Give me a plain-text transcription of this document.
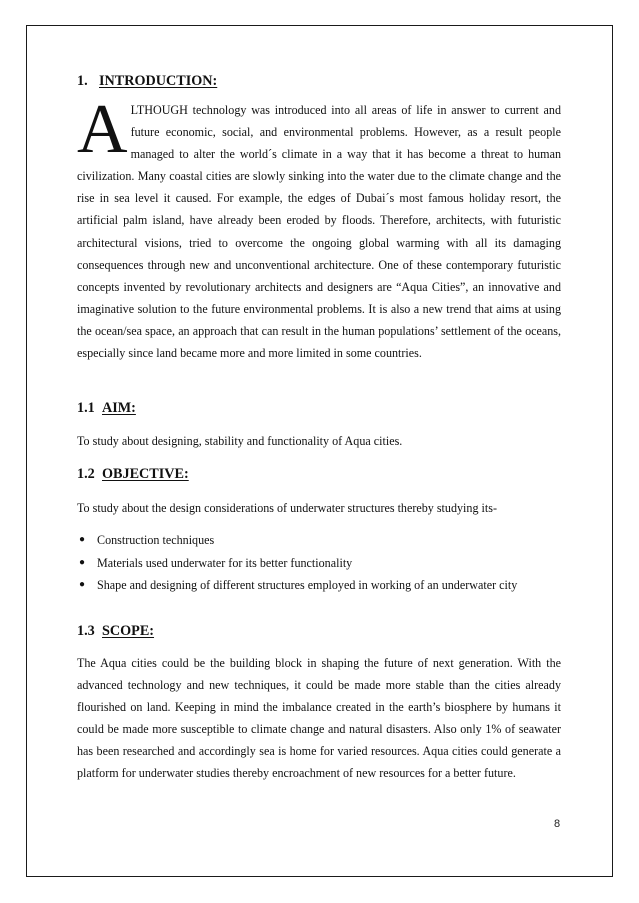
1. INTRODUCTION:
ALTHOUGH technology was introduced into all areas of life in answer to current and future economic, social, and environmental problems. However, as a result people managed to alter the world´s climate in a way that it has become a threat to human civilization. Many coastal cities are slowly sinking into the water due to the climate change and the rise in sea level it caused. For example, the edges of Dubai´s most famous holiday resort, the artificial palm island, have already been eroded by floods. Therefore, architects, with futuristic architectural visions, tried to overcome the ongoing global warming with all its damaging consequences through new and unconventional architecture. One of these contemporary futuristic concepts invented by revolutionary architects and designers are “Aqua Cities”, an innovative and imaginative solution to the future environmental problems. It is also a new trend that aims at using the ocean/sea space, an approach that can result in the human populations’ settlement of the oceans, especially since land became more and more limited in some countries.
1.1 AIM:

To study about designing, stability and functionality of Aqua cities.

1.2 OBJECTIVE:

To study about the design considerations of underwater structures thereby studying its-

● Construction techniques
● Materials used underwater for its better functionality
● Shape and designing of different structures employed in working of an underwater city
1.3 SCOPE:

The Aqua cities could be the building block in shaping the future of next generation. With the advanced technology and new techniques, it could be made more stable than the cities already flourished on land. Keeping in mind the imbalance created in the earth’s biosphere by humans it could be made more susceptible to climate change and natural disasters. Also only 1% of seawater has been researched and accordingly sea is home for varied resources. Aqua cities could generate a platform for underwater studies thereby encroachment of new resources for a better future.

8
